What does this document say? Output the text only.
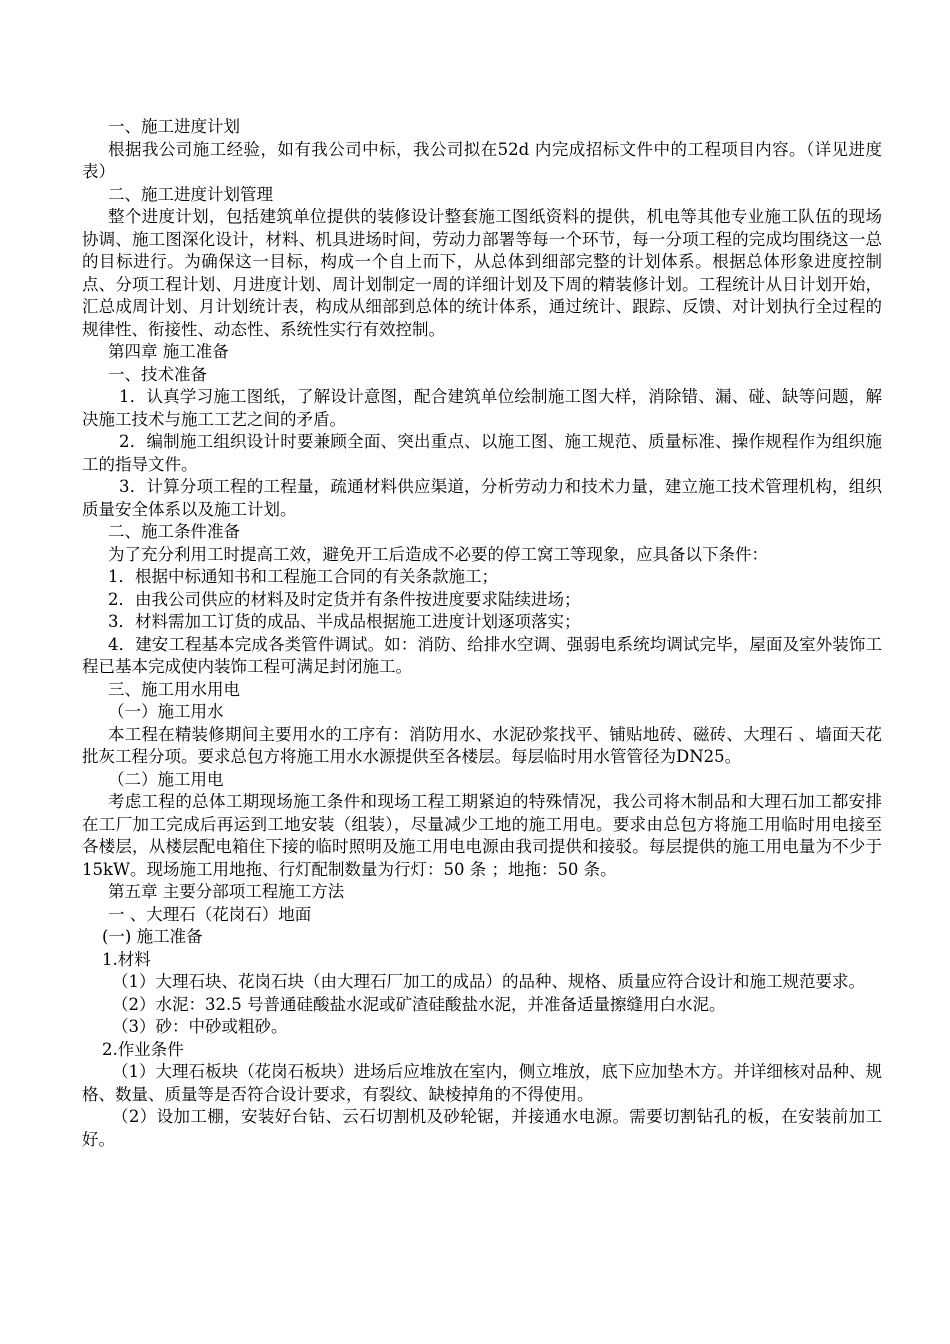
一、施工进度计划

根据我公司施工经验，如有我公司中标，我公司拟在52d 内完成招标文件中的工程项目内容。（详见进度表）

二、施工进度计划管理

整个进度计划，包括建筑单位提供的装修设计整套施工图纸资料的提供，机电等其他专业施工队伍的现场协调、施工图深化设计，材料、机具进场时间，劳动力部署等每一个环节，每一分项工程的完成均围绕这一总的目标进行。为确保这一目标，构成一个自上而下，从总体到细部完整的计划体系。根据总体形象进度控制点、分项工程计划、月进度计划、周计划制定一周的详细计划及下周的精装修计划。工程统计从日计划开始，汇总成周计划、月计划统计表，构成从细部到总体的统计体系，通过统计、跟踪、反馈、对计划执行全过程的规律性、衔接性、动态性、系统性实行有效控制。

第四章 施工准备

一、技术准备

1．认真学习施工图纸，了解设计意图，配合建筑单位绘制施工图大样，消除错、漏、碰、缺等问题，解决施工技术与施工工艺之间的矛盾。

2．编制施工组织设计时要兼顾全面、突出重点、以施工图、施工规范、质量标准、操作规程作为组织施工的指导文件。

3．计算分项工程的工程量，疏通材料供应渠道，分析劳动力和技术力量，建立施工技术管理机构，组织质量安全体系以及施工计划。

二、施工条件准备

为了充分利用工时提高工效，避免开工后造成不必要的停工窝工等现象，应具备以下条件：

1．根据中标通知书和工程施工合同的有关条款施工；

2．由我公司供应的材料及时定货并有条件按进度要求陆续进场；

3．材料需加工订货的成品、半成品根据施工进度计划逐项落实；

4．建安工程基本完成各类管件调试。如：消防、给排水空调、强弱电系统均调试完毕，屋面及室外装饰工程已基本完成使内装饰工程可满足封闭施工。

三、施工用水用电

（一）施工用水

本工程在精装修期间主要用水的工序有：消防用水、水泥砂浆找平、铺贴地砖、磁砖、大理石 、墙面天花批灰工程分项。要求总包方将施工用水水源提供至各楼层。每层临时用水管管径为DN25。

（二）施工用电

考虑工程的总体工期现场施工条件和现场工程工期紧迫的特殊情况，我公司将木制品和大理石加工都安排在工厂加工完成后再运到工地安装（组装），尽量减少工地的施工用电。要求由总包方将施工用临时用电接至各楼层，从楼层配电箱住下接的临时照明及施工用电电源由我司提供和接驳。每层提供的施工用电量为不少于15kW。现场施工用地拖、行灯配制数量为行灯：50 条 ；地拖：50 条。

第五章 主要分部项工程施工方法

一 、大理石（花岗石）地面

(一) 施工准备

1.材料

（1）大理石块、花岗石块（由大理石厂加工的成品）的品种、规格、质量应符合设计和施工规范要求。

（2）水泥：32.5 号普通硅酸盐水泥或矿渣硅酸盐水泥，并准备适量擦缝用白水泥。

（3）砂：中砂或粗砂。

2.作业条件

（1）大理石板块（花岗石板块）进场后应堆放在室内，侧立堆放，底下应加垫木方。并详细核对品种、规格、数量、质量等是否符合设计要求，有裂纹、缺棱掉角的不得使用。

（2）设加工棚，安装好台钻、云石切割机及砂轮锯，并接通水电源。需要切割钻孔的板，在安装前加工好。
